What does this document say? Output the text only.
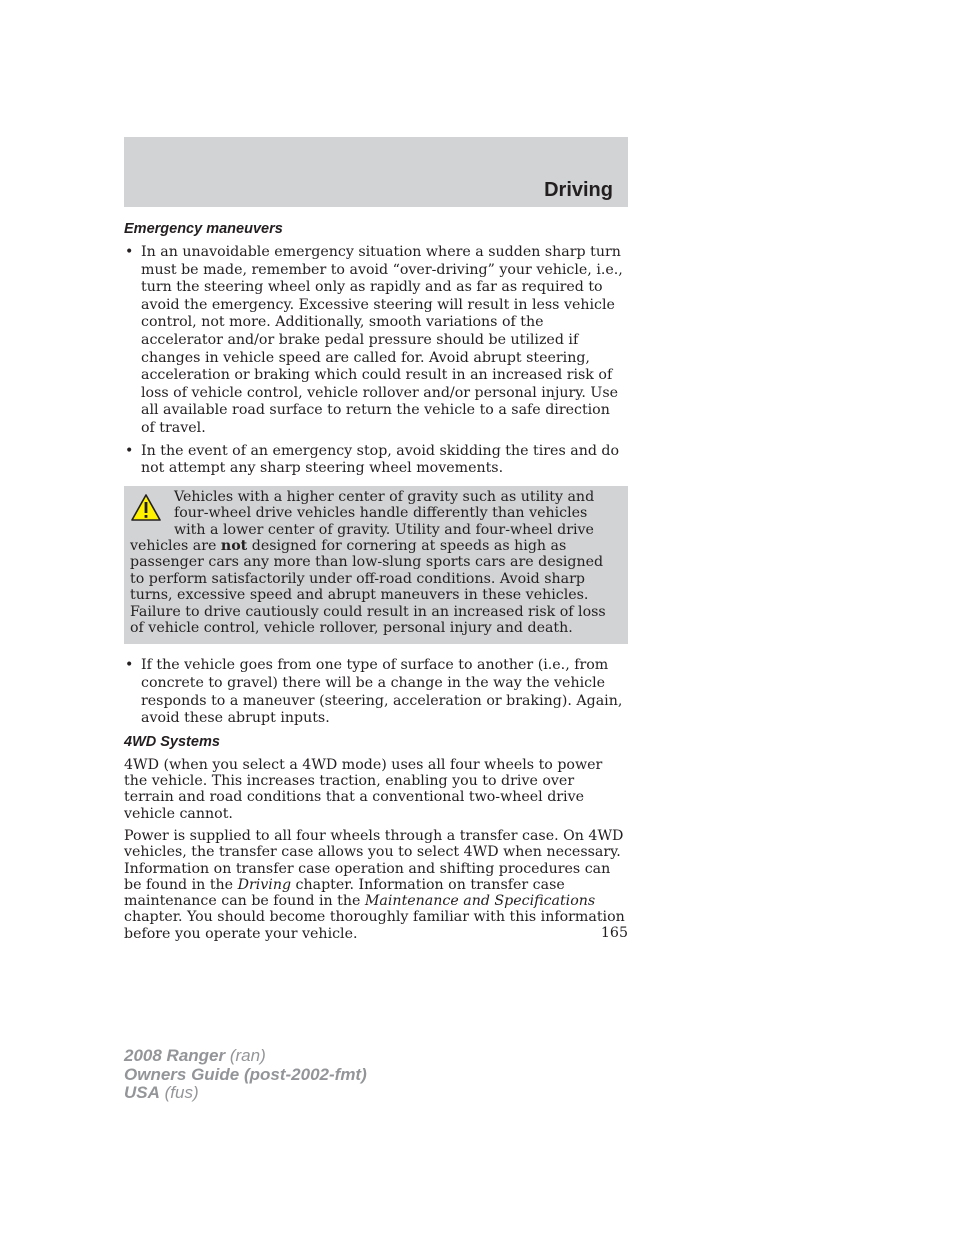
Driving
Emergency maneuvers
• In an unavoidable emergency situation where a sudden sharp turn must be made, remember to avoid “over-driving” your vehicle, i.e., turn the steering wheel only as rapidly and as far as required to avoid the emergency. Excessive steering will result in less vehicle control, not more. Additionally, smooth variations of the accelerator and/or brake pedal pressure should be utilized if changes in vehicle speed are called for. Avoid abrupt steering, acceleration or braking which could result in an increased risk of loss of vehicle control, vehicle rollover and/or personal injury. Use all available road surface to return the vehicle to a safe direction of travel.
• In the event of an emergency stop, avoid skidding the tires and do not attempt any sharp steering wheel movements.
Vehicles with a higher center of gravity such as utility and four-wheel drive vehicles handle differently than vehicles with a lower center of gravity. Utility and four-wheel drive vehicles are not designed for cornering at speeds as high as passenger cars any more than low-slung sports cars are designed to perform satisfactorily under off-road conditions. Avoid sharp turns, excessive speed and abrupt maneuvers in these vehicles. Failure to drive cautiously could result in an increased risk of loss of vehicle control, vehicle rollover, personal injury and death.
• If the vehicle goes from one type of surface to another (i.e., from concrete to gravel) there will be a change in the way the vehicle responds to a maneuver (steering, acceleration or braking). Again, avoid these abrupt inputs.
4WD Systems

4WD (when you select a 4WD mode) uses all four wheels to power the vehicle. This increases traction, enabling you to drive over terrain and road conditions that a conventional two-wheel drive vehicle cannot.

Power is supplied to all four wheels through a transfer case. On 4WD vehicles, the transfer case allows you to select 4WD when necessary. Information on transfer case operation and shifting procedures can be found in the Driving chapter. Information on transfer case maintenance can be found in the Maintenance and Specifications chapter. You should become thoroughly familiar with this information before you operate your vehicle.	165
2008 Ranger (ran)
Owners Guide (post-2002-fmt)
USA (fus)
